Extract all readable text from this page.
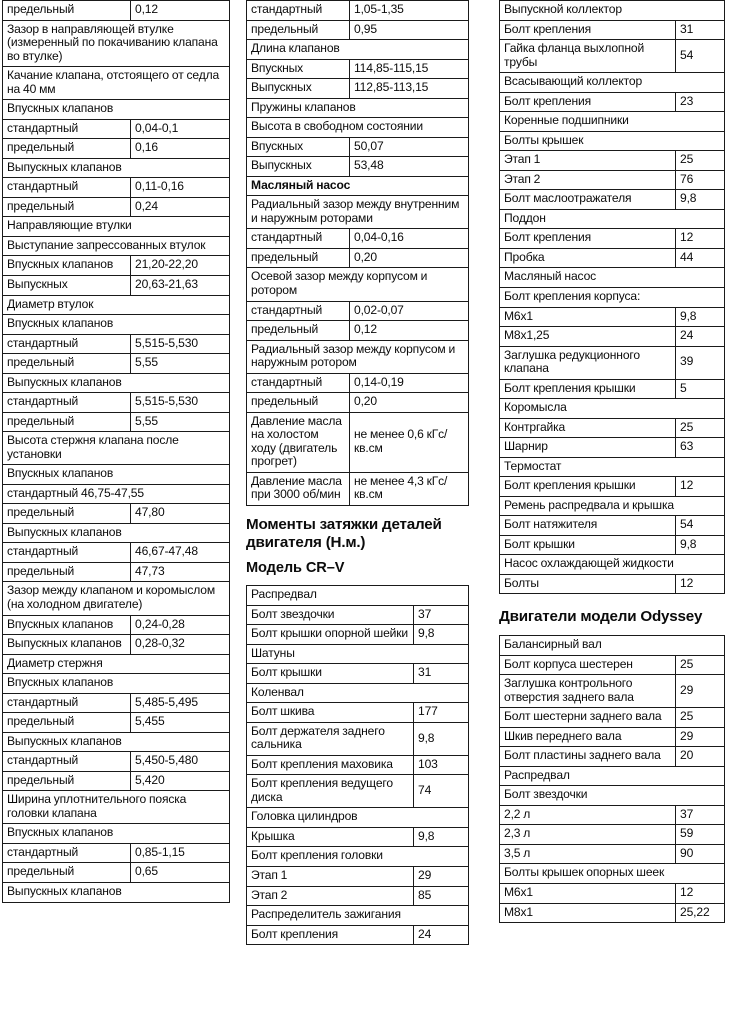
предельный	0,12
Зазор в направляющей втулке (измеренный по покачиванию клапана во втулке)	
Качание клапана, отстоящего от седла на 40 мм	
Впускных клапанов	
стандартный	0,04-0,1
предельный	0,16
Выпускных клапанов	
стандартный	0,11-0,16
предельный	0,24
Направляющие втулки	
Выступание запрессованных втулок	
Впускных клапанов	21,20-22,20
Выпускных	20,63-21,63
Диаметр втулок	
Впускных клапанов	
стандартный	5,515-5,530
предельный	5,55
Выпускных клапанов	
стандартный	5,515-5,530
предельный	5,55
Высота стержня клапана после установки	
Впускных клапанов	
стандартный 46,75-47,55	
предельный	47,80
Выпускных клапанов	
стандартный	46,67-47,48
предельный	47,73
Зазор между клапаном и коромыслом (на холодном двигателе)	
Впускных клапанов	0,24-0,28
Выпускных клапанов	0,28-0,32
Диаметр стержня	
Впускных клапанов	
стандартный	5,485-5,495
предельный	5,455
Выпускных клапанов	
стандартный	5,450-5,480
предельный	5,420
Ширина уплотнительного пояска головки клапана	
Впускных клапанов	
стандартный	0,85-1,15
предельный	0,65
Выпускных клапанов	
стандартный	1,05-1,35
предельный	0,95
Длина клапанов	
Впускных	114,85-115,15
Выпускных	112,85-113,15
Пружины клапанов	
Высота в свободном состоянии	
Впускных	50,07
Выпускных	53,48
Масляный насос	
Радиальный зазор между внутренним и наружным роторами	
стандартный	0,04-0,16
предельный	0,20
Осевой зазор между корпусом и ротором	
стандартный	0,02-0,07
предельный	0,12
Радиальный зазор между корпусом и наружным ротором	
стандартный	0,14-0,19
предельный	0,20
Давление масла на холостом ходу (двигатель прогрет)	не менее 0,6 кГс/кв.см
Давление масла при 3000 об/мин	не менее 4,3 кГс/кв.см
Моменты затяжки деталей двигателя (Н.м.)
Модель CR–V
Распредвал	
Болт звездочки	37
Болт крышки опорной шейки	9,8
Шатуны	
Болт крышки	31
Коленвал	
Болт шкива	177
Болт держателя заднего сальника	9,8
Болт крепления маховика	103
Болт крепления ведущего диска	74
Головка цилиндров	
Крышка	9,8
Болт крепления головки	
Этап 1	29
Этап 2	85
Распределитель зажигания	
Болт крепления	24
Выпускной коллектор	
Болт крепления	31
Гайка фланца выхлопной трубы	54
Всасывающий коллектор	
Болт крепления	23
Коренные подшипники	
Болты крышек	
Этап 1	25
Этап 2	76
Болт маслоотражателя	9,8
Поддон	
Болт крепления	12
Пробка	44
Масляный насос	
Болт крепления корпуса:	
М6х1	9,8
М8х1,25	24
Заглушка редукционного клапана	39
Болт крепления крышки	5
Коромысла	
Контргайка	25
Шарнир	63
Термостат	
Болт крепления крышки	12
Ремень распредвала и крышка	
Болт натяжителя	54
Болт крышки	9,8
Насос охлаждающей жидкости	
Болты	12
Двигатели модели Odyssey
Балансирный вал	
Болт корпуса шестерен	25
Заглушка контрольного отверстия заднего вала	29
Болт шестерни заднего вала	25
Шкив переднего вала	29
Болт пластины заднего вала	20
Распредвал	
Болт звездочки	
2,2 л	37
2,3 л	59
3,5 л	90
Болты крышек опорных шеек	
М6х1	12
М8х1	25,22
